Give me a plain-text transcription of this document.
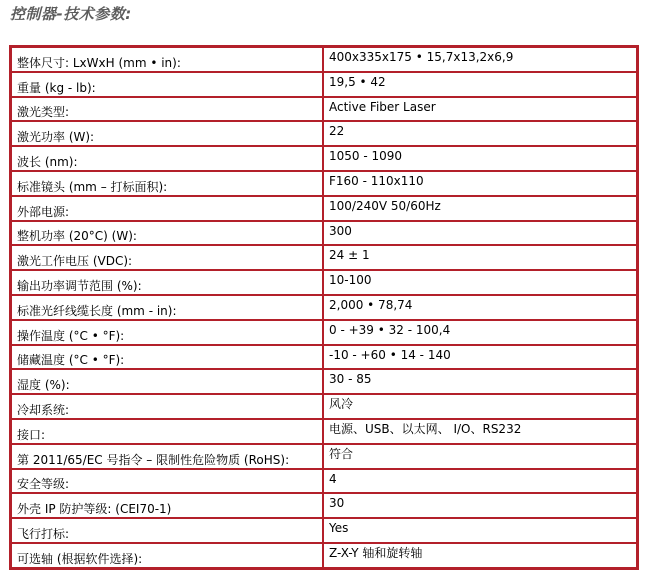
控制器-技术参数:
整体尺寸: LxWxH (mm • in):	400x335x175 • 15,7x13,2x6,9
重量 (kg - lb):	19,5 • 42
激光类型:	Active Fiber Laser
激光功率 (W):	22
波长 (nm):	1050 - 1090
标准镜头 (mm – 打标面积):	F160 - 110x110
外部电源:	100/240V 50/60Hz
整机功率 (20°C) (W):	300
激光工作电压 (VDC):	24 ± 1
输出功率调节范围 (%):	10-100
标准光纤线缆长度 (mm - in):	2,000 • 78,74
操作温度 (°C • °F):	0 - +39 • 32 - 100,4
储藏温度 (°C • °F):	-10 - +60 • 14 - 140
湿度 (%):	30 - 85
冷却系统:	风冷
接口:	电源、USB、以太网、 I/O、RS232
第 2011/65/EC 号指令 – 限制性危险物质 (RoHS):	符合
安全等级:	4
外壳 IP 防护等级: (CEI70-1)	30
飞行打标:	Yes
可选轴 (根据软件选择):	Z-X-Y 轴和旋转轴
